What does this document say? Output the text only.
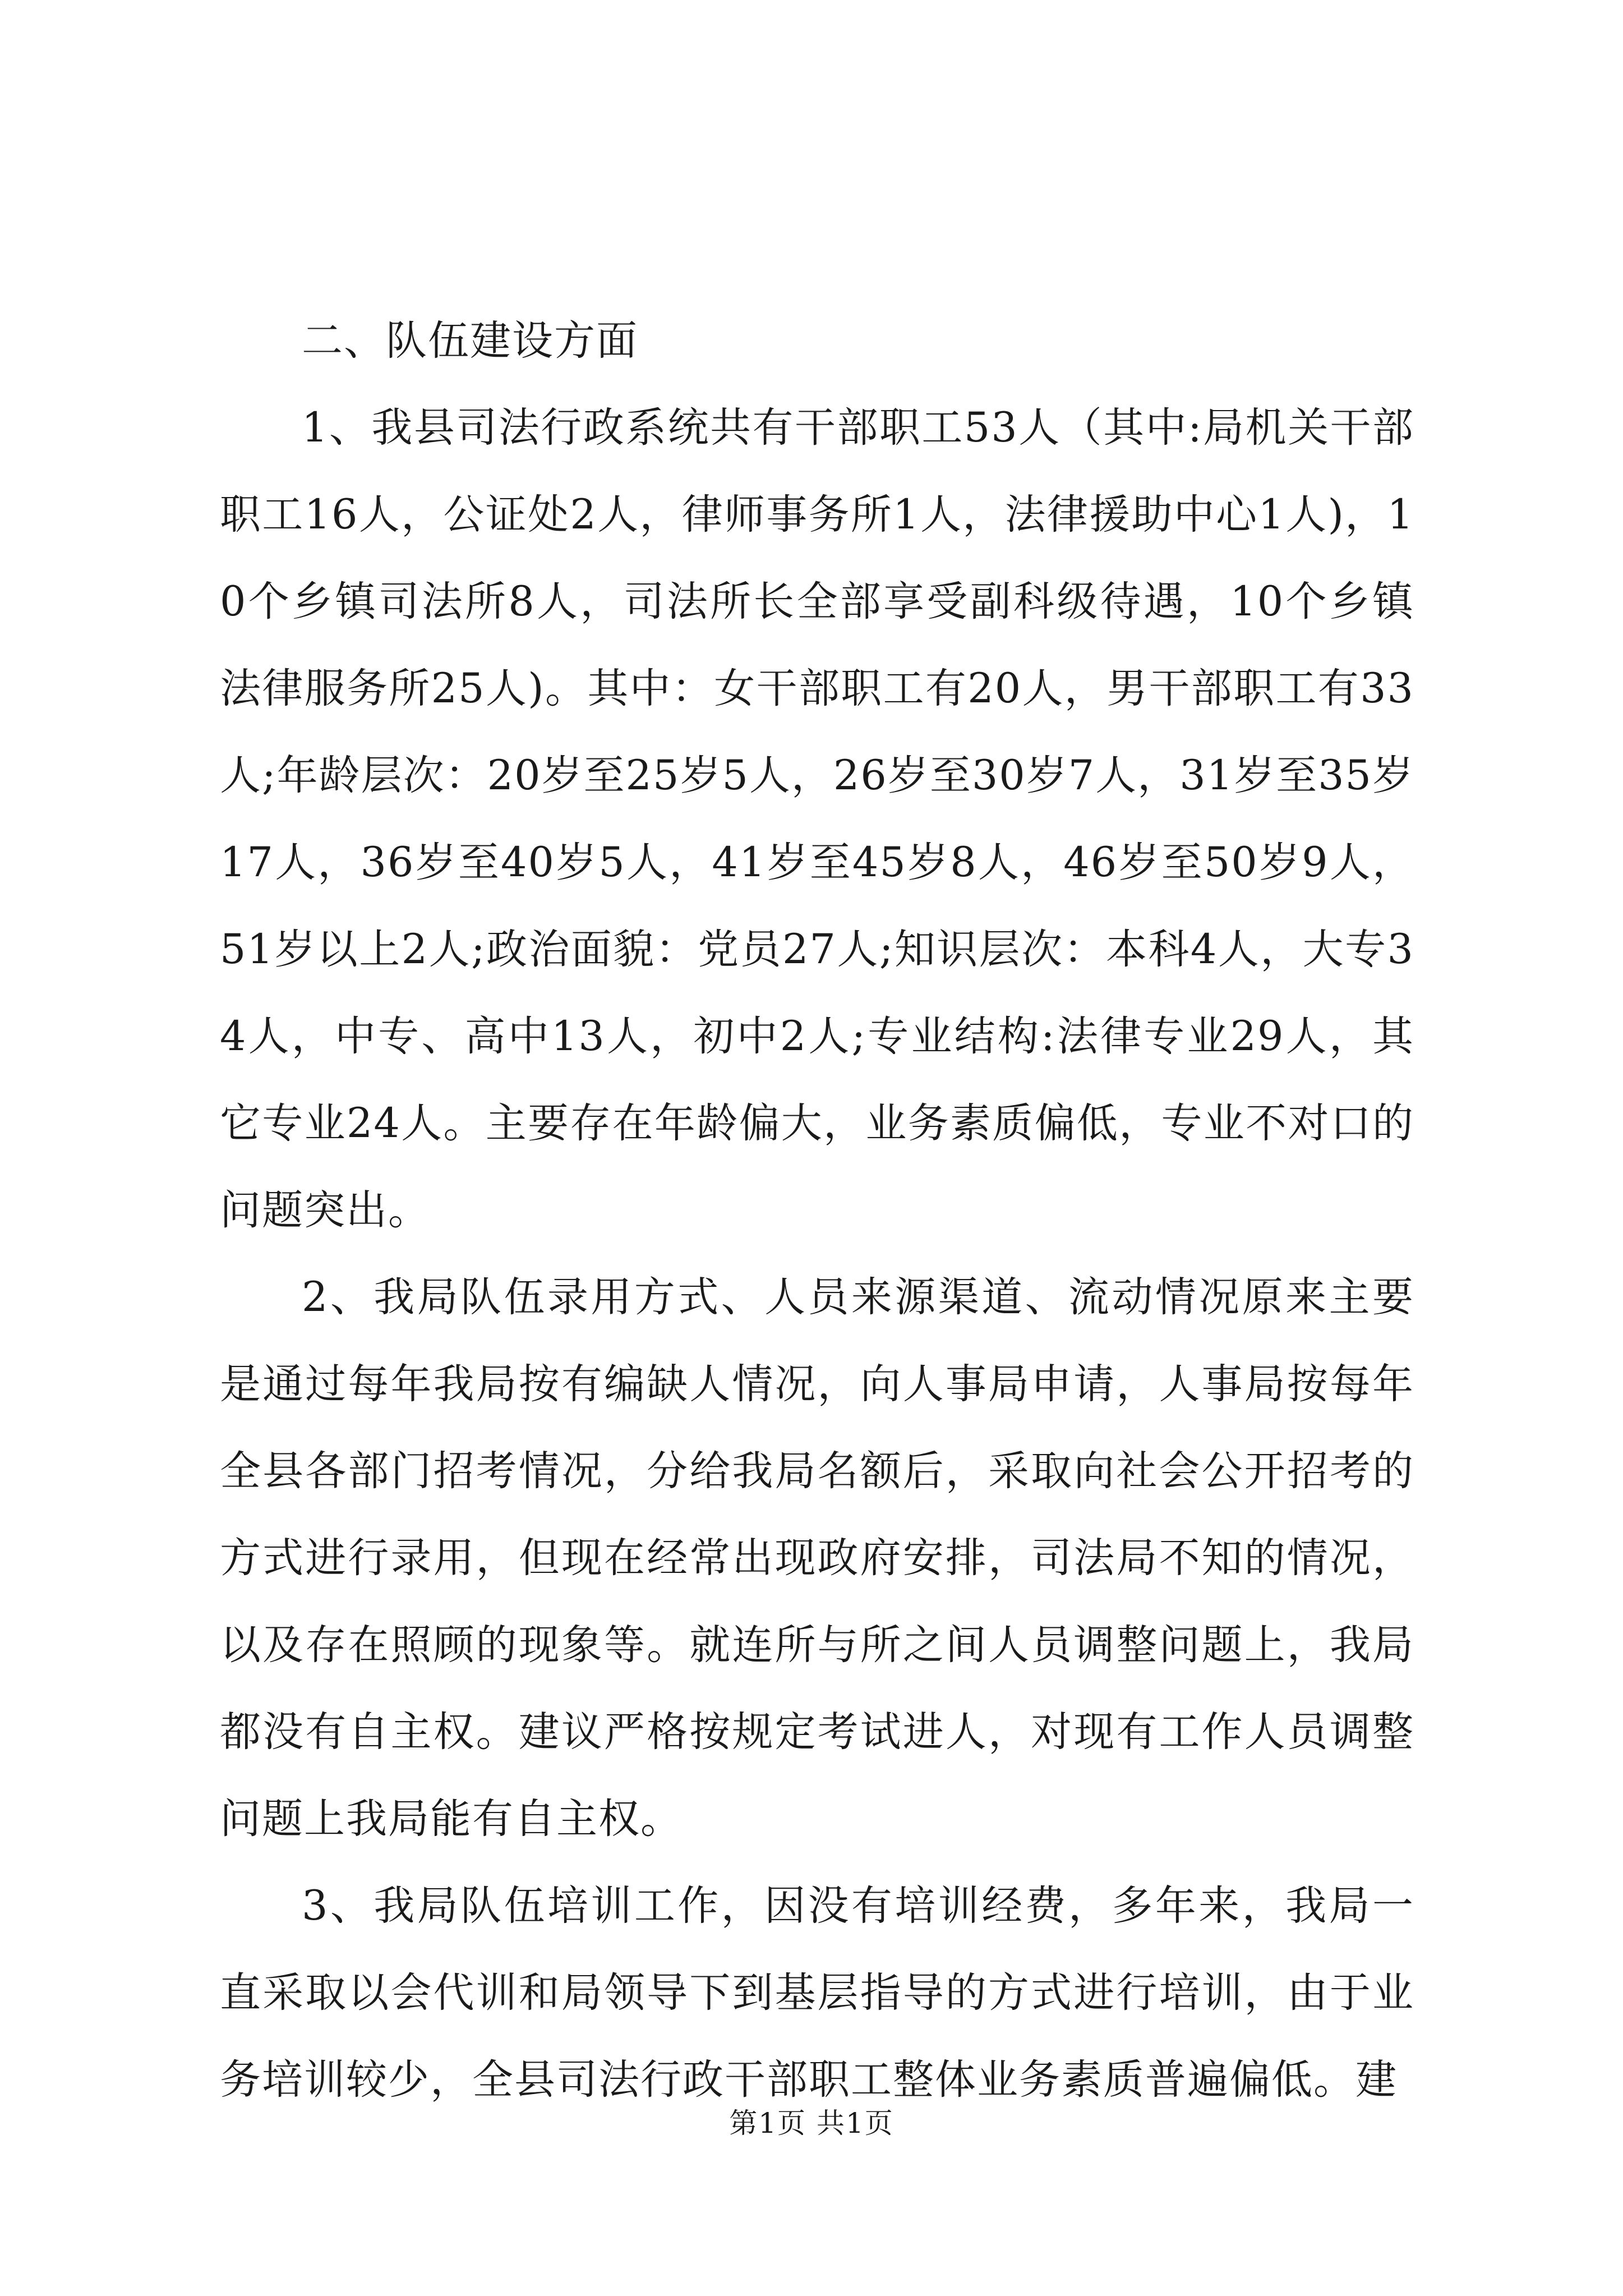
二、队伍建设方面

1、我县司法行政系统共有干部职工53人（其中:局机关干部职工16人，公证处2人，律师事务所1人，法律援助中心1人)，10个乡镇司法所8人，司法所长全部享受副科级待遇，10个乡镇法律服务所25人)。其中：女干部职工有20人，男干部职工有33人;年龄层次：20岁至25岁5人，26岁至30岁7人，31岁至35岁17人，36岁至40岁5人，41岁至45岁8人，46岁至50岁9人，51岁以上2人;政治面貌：党员27人;知识层次：本科4人，大专34人，中专、高中13人，初中2人;专业结构:法律专业29人，其它专业24人。主要存在年龄偏大，业务素质偏低，专业不对口的问题突出。

2、我局队伍录用方式、人员来源渠道、流动情况原来主要是通过每年我局按有编缺人情况，向人事局申请，人事局按每年全县各部门招考情况，分给我局名额后，采取向社会公开招考的方式进行录用，但现在经常出现政府安排，司法局不知的情况，以及存在照顾的现象等。就连所与所之间人员调整问题上，我局都没有自主权。建议严格按规定考试进人，对现有工作人员调整问题上我局能有自主权。

3、我局队伍培训工作，因没有培训经费，多年来，我局一直采取以会代训和局领导下到基层指导的方式进行培训，由于业务培训较少，全县司法行政干部职工整体业务素质普遍偏低。建

第1页 共1页
